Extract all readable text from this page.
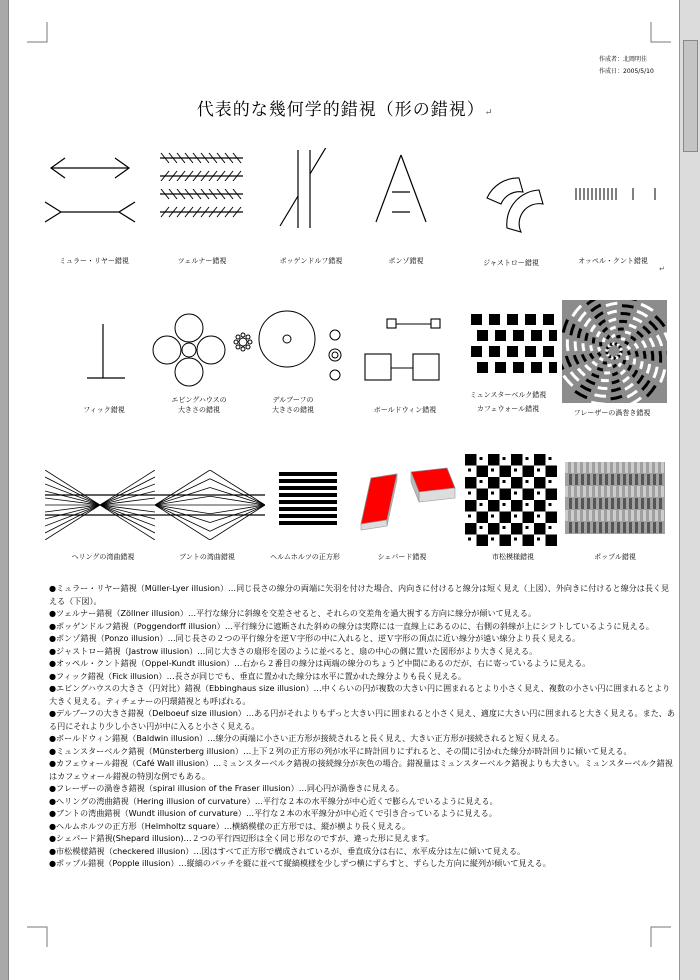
作成者：北岡明佳
作成日：2005/5/10
代表的な幾何学的錯視（形の錯視）↵
ミュラー・リヤー錯視	ツェルナー錯視	ポッゲンドルフ錯視	ポンゾ錯視	ジャストロー錯視	オッペル・クント錯視
↵
フィック錯視
エビングハウスの
大きさの錯視
デルブーフの
大きさの錯視	ボールドウィン錯視
ミュンスターベルク錯視
カフェウォール錯視	フレーザーの渦巻き錯視
へリングの湾曲錯視	ブントの湾曲錯視	ヘルムホルツの正方形	シェパード錯視	市松模様錯視	ポップル錯視
●ミュラー・リヤー錯視（Müller-Lyer illusion）…同じ長さの線分の両端に矢羽を付けた場合、内向きに付けると線分は短く見え（上図）、外向きに付けると線分は長く見える（下図）。
●ツェルナー錯視（Zöllner illusion）…平行な線分に斜線を交差させると、それらの交差角を過大視する方向に線分が傾いて見える。
●ポッゲンドルフ錯視（Poggendorff illusion）…平行線分に遮断された斜めの線分は実際には一直線上にあるのに、右側の斜線が上にシフトしているように見える。
●ポンゾ錯視（Ponzo illusion）…同じ長さの２つの平行線分を逆Ｖ字形の中に入れると、逆Ｖ字形の頂点に近い線分が遠い線分より長く見える。
●ジャストロー錯視（Jastrow illusion）…同じ大きさの扇形を図のように並べると、扇の中心の側に置いた図形がより大きく見える。
●オッペル・クント錯視（Oppel-Kundt illusion）…右から２番目の線分は両端の線分のちょうど中間にあるのだが、右に寄っているように見える。
●フィック錯視（Fick illusion）…長さが同じでも、垂直に置かれた線分は水平に置かれた線分よりも長く見える。
●エビングハウスの大きさ（円対比）錯視（Ebbinghaus size illusion）…中くらいの円が複数の大きい円に囲まれるとより小さく見え、複数の小さい円に囲まれるとより大きく見える。ティチェナーの円環錯視とも呼ばれる。
●デルブーフの大きさ錯視（Delboeuf size illusion）…ある円がそれよりもずっと大きい円に囲まれると小さく見え、適度に大きい円に囲まれると大きく見える。また、ある円にそれより少し小さい円が中に入ると小さく見える。
●ボールドウィン錯視（Baldwin illusion）…線分の両端に小さい正方形が接続されると長く見え、大きい正方形が接続されると短く見える。
●ミュンスターベルク錯視（Münsterberg illusion）…上下２列の正方形の列が水平に時計回りにずれると、その間に引かれた線分が時計回りに傾いて見える。
●カフェウォール錯視（Café Wall illusion）…ミュンスターベルク錯視の接続線分が灰色の場合。錯視量はミュンスターベルク錯視よりも大きい。ミュンスターベルク錯視はカフェウォール錯視の特別な例でもある。
●フレーザーの渦巻き錯視（spiral illusion of the Fraser illusion）…同心円が渦巻きに見える。
●へリングの湾曲錯視（Hering illusion of curvature）…平行な２本の水平線分が中心近くで膨らんでいるように見える。
●ブントの湾曲錯視（Wundt illusion of curvature）…平行な２本の水平線分が中心近くで引き合っているように見える。
●ヘルムホルツの正方形（Helmholtz square）…横縞模様の正方形では、縦が横より長く見える。
●シェパード錯視(Shepard illusion)…２つの平行四辺形は全く同じ形なのですが、違った形に見えます。
●市松模様錯視（checkered illusion）…図はすべて正方形で構成されているが、垂直成分は右に、水平成分は左に傾いて見える。
●ポップル錯視（Popple illusion）…縦縞のパッチを縦に並べて縦縞模様を少しずつ横にずらすと、ずらした方向に縦列が傾いて見える。
